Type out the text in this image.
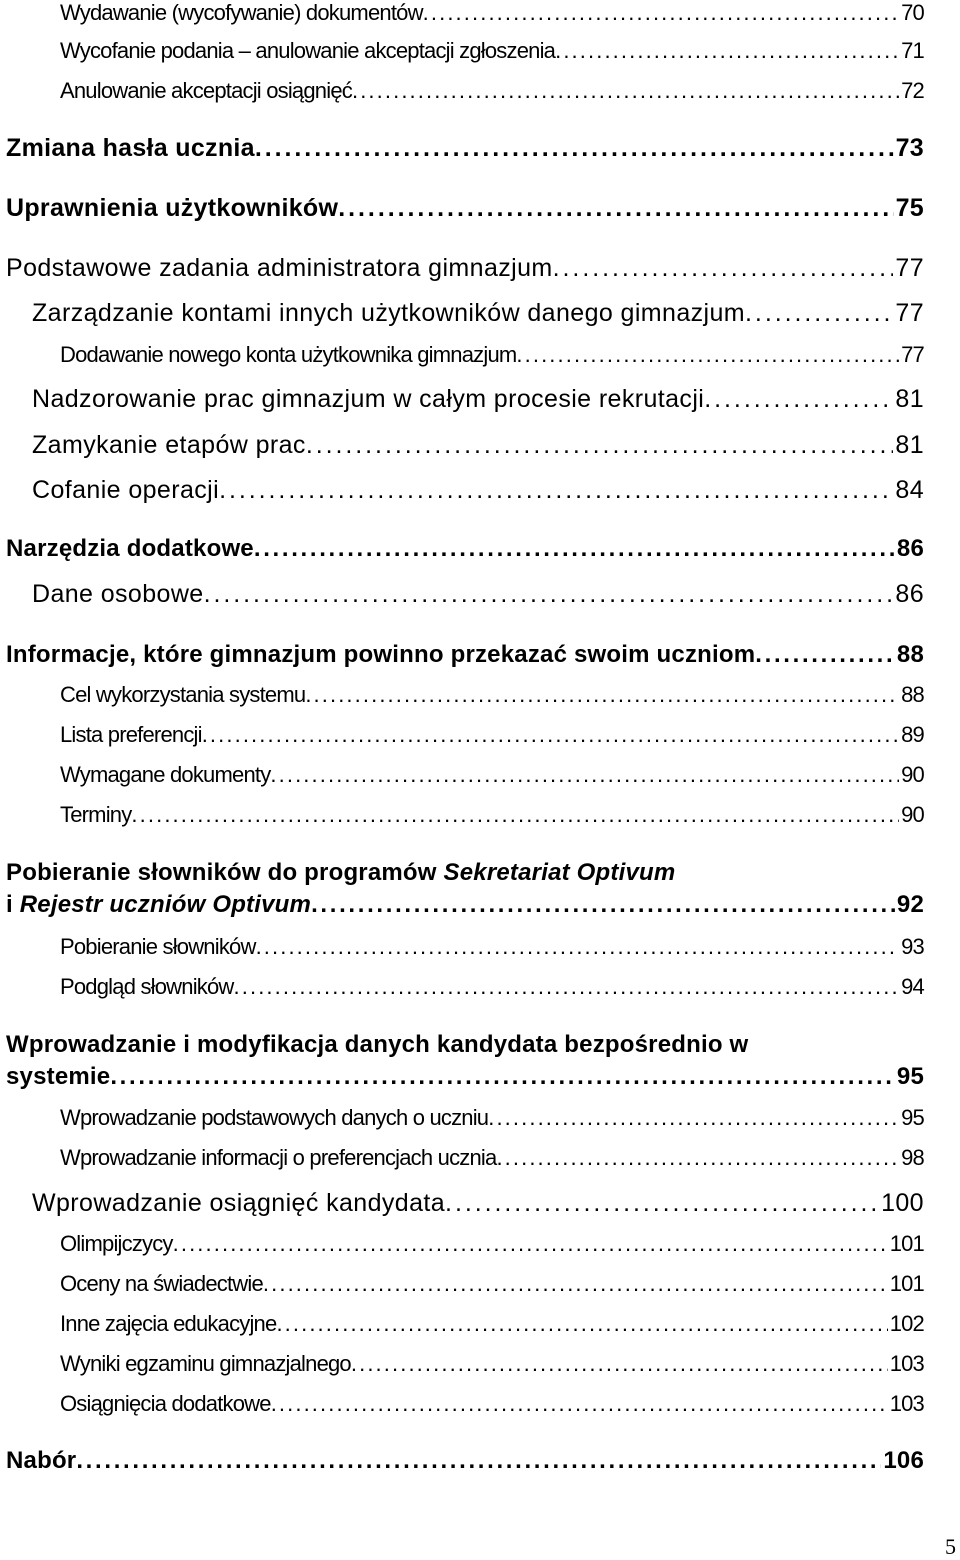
Wydawanie (wycofywanie) dokumentów . . .	70
Wycofanie podania – anulowanie akceptacji zgłoszenia . . .	71
Anulowanie akceptacji osiągnięć . . .	72
Zmiana hasła ucznia . . .	73
Uprawnienia użytkowników . . .	75
Podstawowe zadania administratora gimnazjum . . .	77
Zarządzanie kontami innych użytkowników danego gimnazjum . . .	77
Dodawanie nowego konta użytkownika gimnazjum . . .	77
Nadzorowanie prac gimnazjum w całym procesie rekrutacji . . .	81
Zamykanie etapów prac . . .	81
Cofanie operacji . . .	84
Narzędzia dodatkowe . . .	86
Dane osobowe . . .	86
Informacje, które gimnazjum powinno przekazać swoim uczniom . . .	88
Cel wykorzystania systemu . . .	88
Lista preferencji . . .	89
Wymagane dokumenty . . .	90
Terminy . . .	90
Pobieranie słowników do programów Sekretariat Optivum
i Rejestr uczniów Optivum . . .	92
Pobieranie słowników . . .	93
Podgląd słowników . . .	94
Wprowadzanie i modyfikacja danych kandydata bezpośrednio w
systemie . . .	95
Wprowadzanie podstawowych danych o uczniu . . .	95
Wprowadzanie informacji o preferencjach ucznia . . .	98
Wprowadzanie osiągnięć kandydata . . .	100
Olimpijczycy . . .	101
Oceny na świadectwie . . .	101
Inne zajęcia edukacyjne . . .	102
Wyniki egzaminu gimnazjalnego . . .	103
Osiągnięcia dodatkowe . . .	103
Nabór . . .	106
5
